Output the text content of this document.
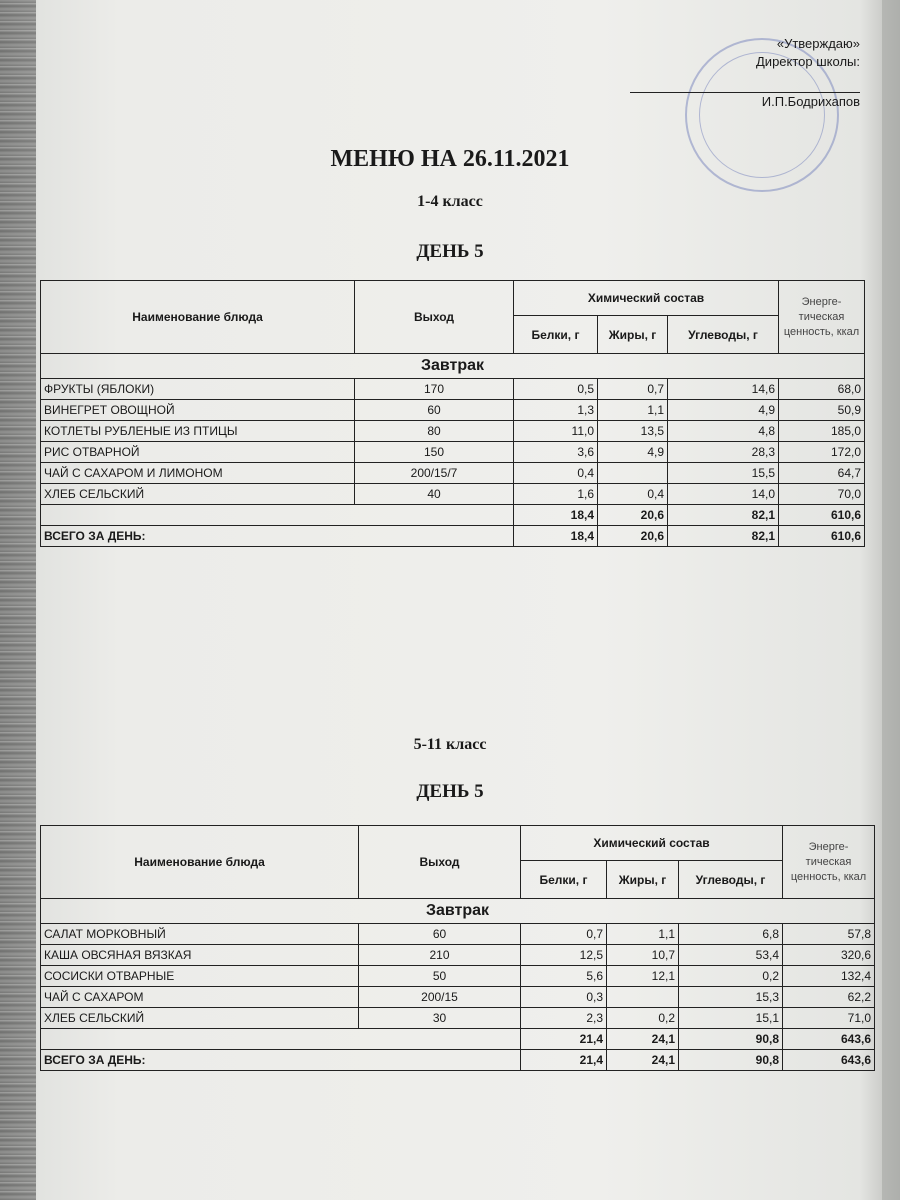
«Утверждаю»
Директор школы:
И.П.Бодрихапов
МЕНЮ НА 26.11.2021
1-4 класс
ДЕНЬ 5
Наименование блюда	Выход	Химический состав			Энерге-тическая ценность, ккал
		Белки, г	Жиры, г	Углеводы, г	
Завтрак					
ФРУКТЫ (ЯБЛОКИ)	170	0,5	0,7	14,6	68,0
ВИНЕГРЕТ ОВОЩНОЙ	60	1,3	1,1	4,9	50,9
КОТЛЕТЫ РУБЛЕНЫЕ ИЗ ПТИЦЫ	80	11,0	13,5	4,8	185,0
РИС ОТВАРНОЙ	150	3,6	4,9	28,3	172,0
ЧАЙ С САХАРОМ И ЛИМОНОМ	200/15/7	0,4		15,5	64,7
ХЛЕБ СЕЛЬСКИЙ	40	1,6	0,4	14,0	70,0
		18,4	20,6	82,1	610,6
ВСЕГО ЗА ДЕНЬ:		18,4	20,6	82,1	610,6
5-11 класс
ДЕНЬ 5
Наименование блюда	Выход	Химический состав			Энерге-тическая ценность, ккал
		Белки, г	Жиры, г	Углеводы, г	
Завтрак					
САЛАТ МОРКОВНЫЙ	60	0,7	1,1	6,8	57,8
КАША ОВСЯНАЯ ВЯЗКАЯ	210	12,5	10,7	53,4	320,6
СОСИСКИ ОТВАРНЫЕ	50	5,6	12,1	0,2	132,4
ЧАЙ С САХАРОМ	200/15	0,3		15,3	62,2
ХЛЕБ СЕЛЬСКИЙ	30	2,3	0,2	15,1	71,0
		21,4	24,1	90,8	643,6
ВСЕГО ЗА ДЕНЬ:		21,4	24,1	90,8	643,6
